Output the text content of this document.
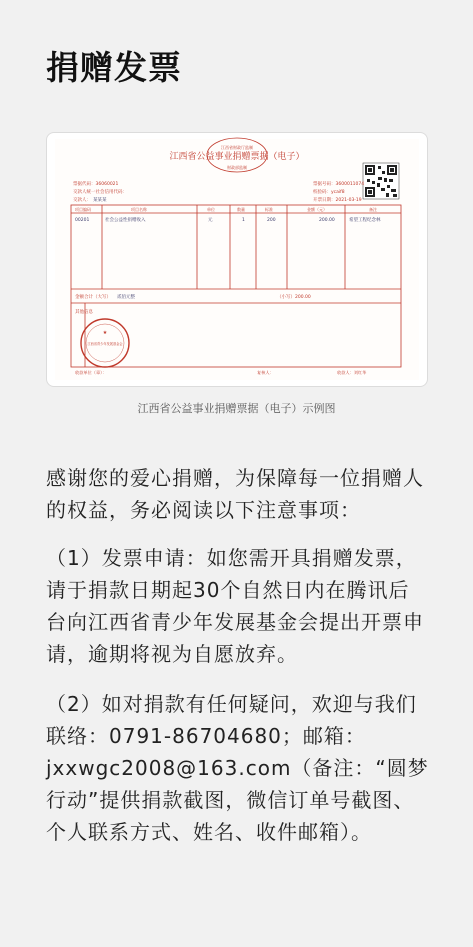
捐赠发票
江西省财政厅监制
财政部监制
江西省公益事业捐赠票据（电子）
票据代码：36060021
交款人统一社会信用代码：
交款人： 某某某
票据号码：3600011074
校验码：ycaif8
开票日期：2021-03-19
项目编码	项目名称	单位	数量	标准	金额（元）	备注
00201	社会公益性捐赠收入	元	1	200	200.00	希望工程纪念林
金额合计（大写） 贰佰元整	（小写）200.00
其他信息
★
江西省青少年发展基金会
收款单位（章）：	复核人：	收款人：刘红华
江西省公益事业捐赠票据（电子）示例图
感谢您的爱心捐赠，为保障每一位捐赠人的权益，务必阅读以下注意事项：
（1）发票申请：如您需开具捐赠发票，请于捐款日期起30个自然日内在腾讯后台向江西省青少年发展基金会提出开票申请，逾期将视为自愿放弃。
（2）如对捐款有任何疑问，欢迎与我们联络：0791-86704680；邮箱：jxxwgc2008@163.com（备注：“圆梦行动”提供捐款截图，微信订单号截图、个人联系方式、姓名、收件邮箱）。
